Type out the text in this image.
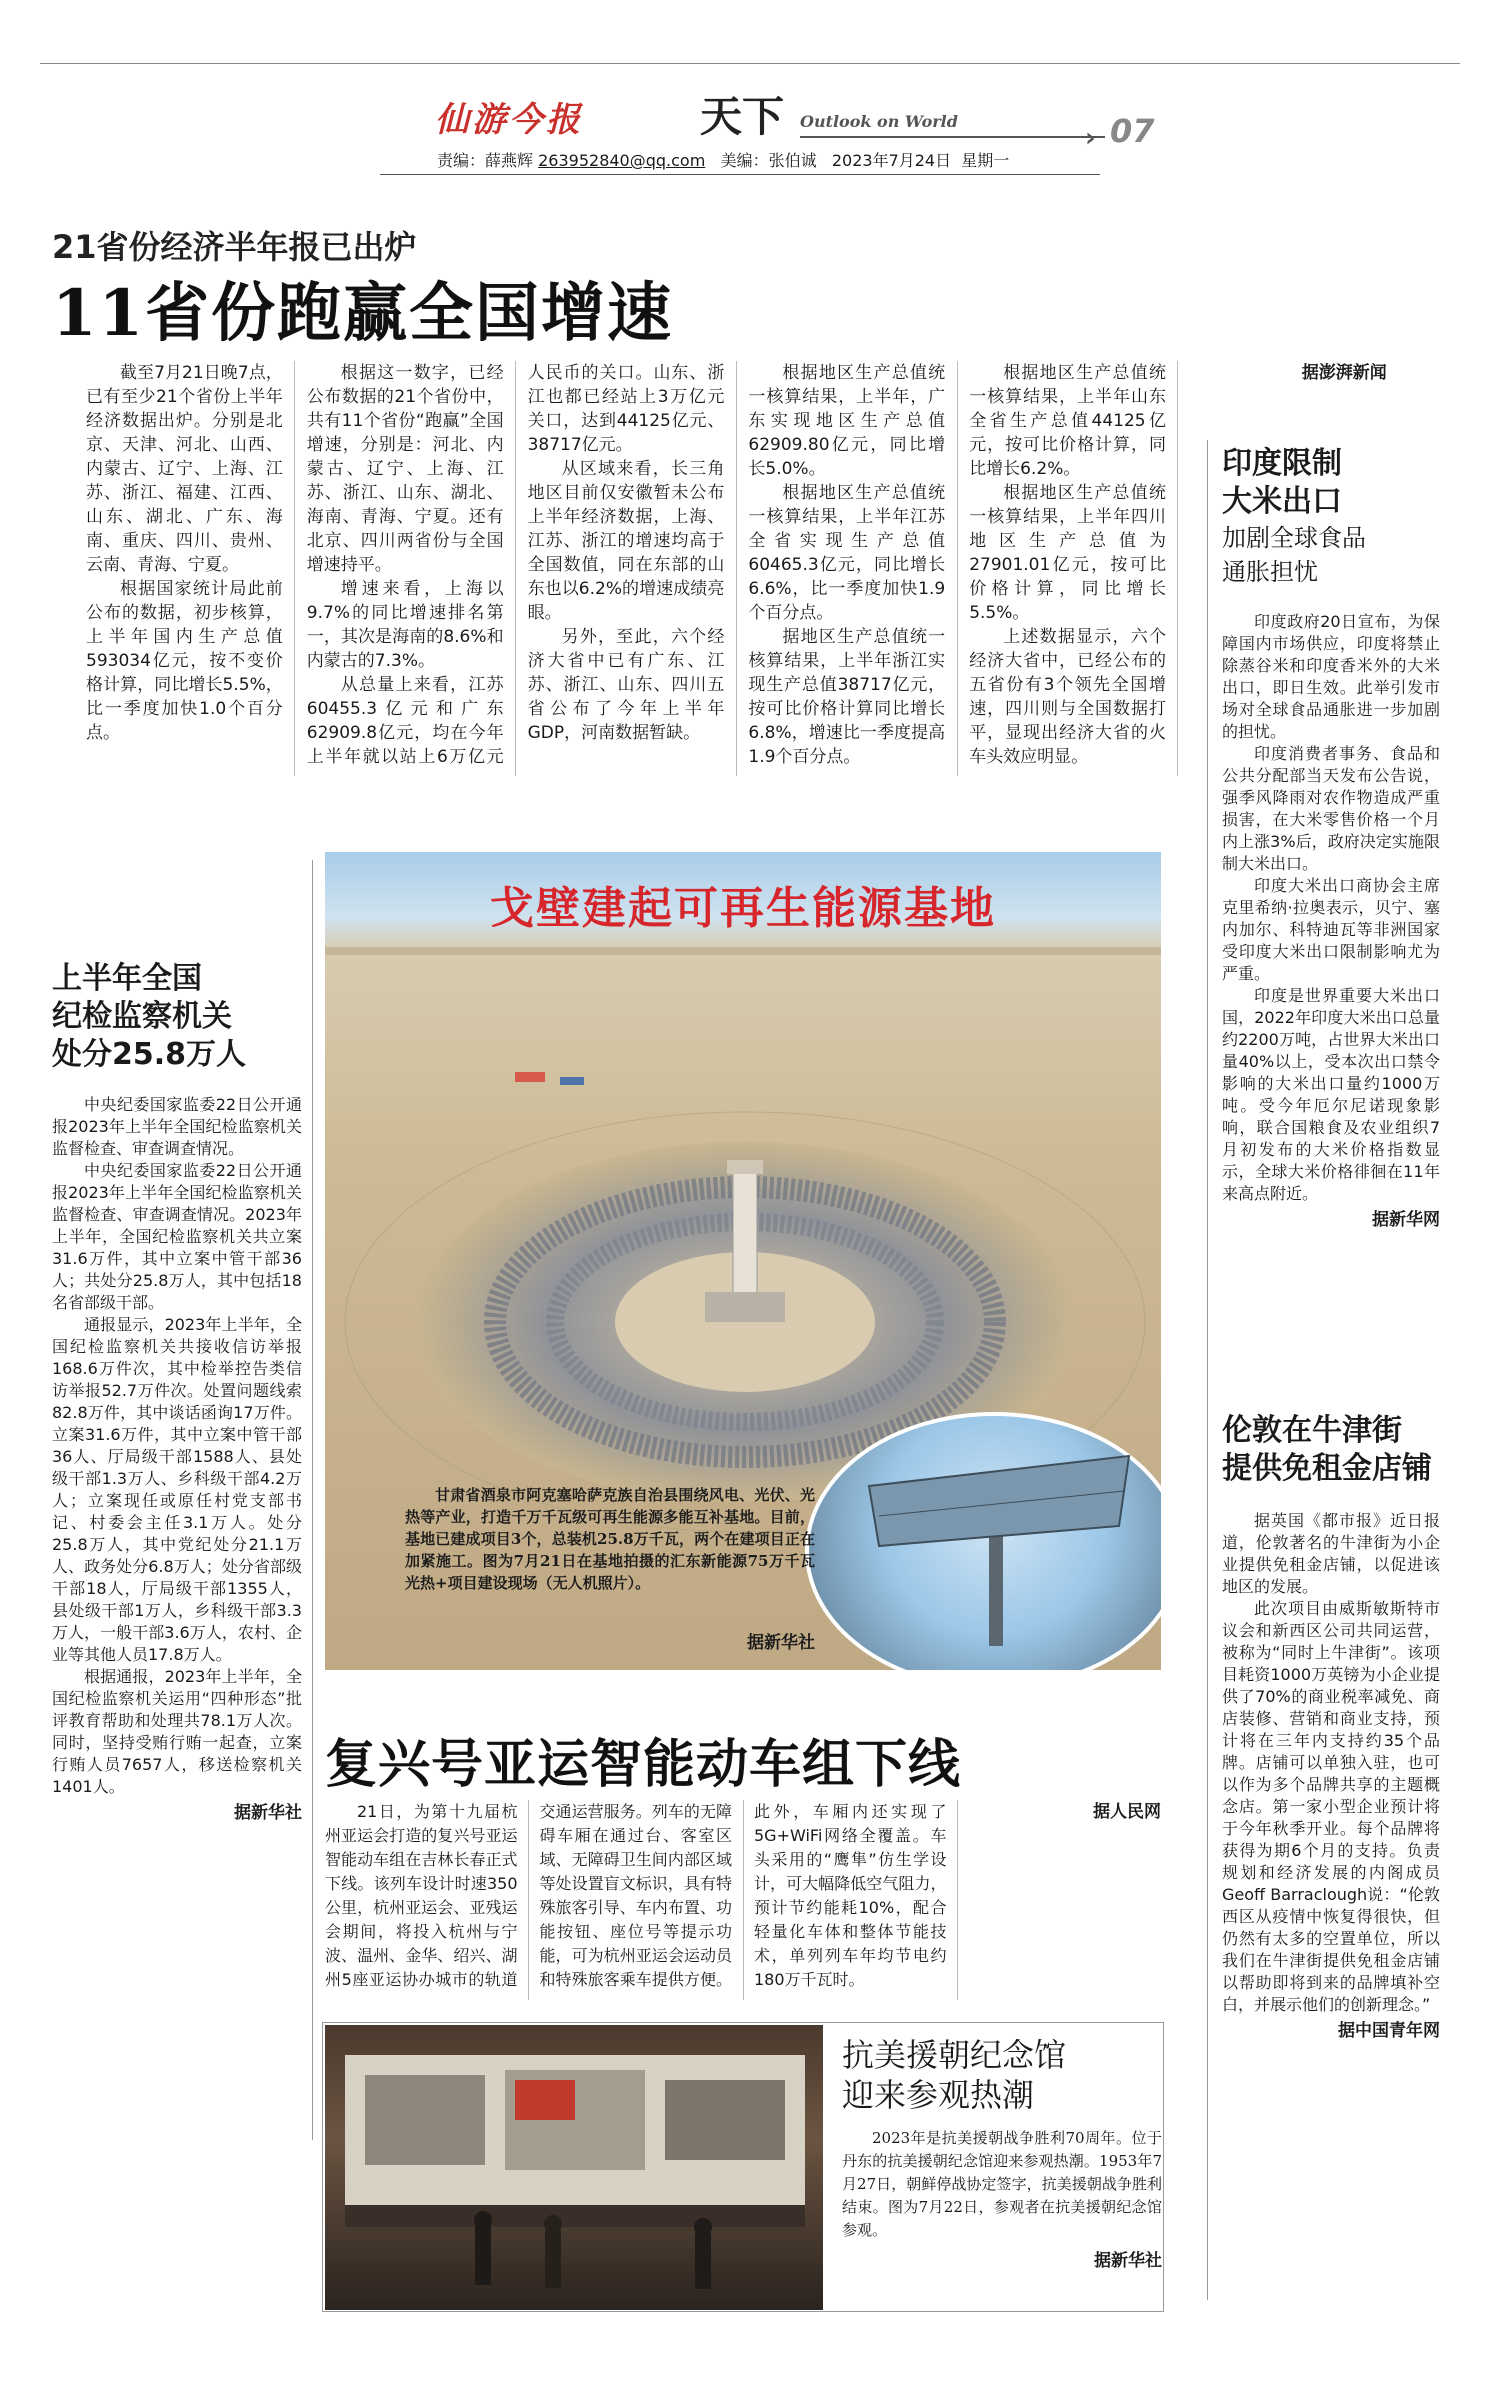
仙游今报	天下 Outlook on World
› 07
责编：薛燕辉 263952840@qq.com 美编：张伯诚 2023年7月24日 星期一
21省份经济半年报已出炉
11省份跑赢全国增速

截至7月21日晚7点，已有至少21个省份上半年经济数据出炉。分别是北京、天津、河北、山西、内蒙古、辽宁、上海、江苏、浙江、福建、江西、山东、湖北、广东、海南、重庆、四川、贵州、云南、青海、宁夏。

根据国家统计局此前公布的数据，初步核算，上半年国内生产总值593034亿元，按不变价格计算，同比增长5.5%，比一季度加快1.0个百分点。

根据这一数字，已经公布数据的21个省份中，共有11个省份“跑赢”全国增速，分别是：河北、内蒙古、辽宁、上海、江苏、浙江、山东、湖北、海南、青海、宁夏。还有北京、四川两省份与全国增速持平。

增速来看，上海以9.7%的同比增速排名第一，其次是海南的8.6%和内蒙古的7.3%。

从总量上来看，江苏60455.3亿元和广东62909.8亿元，均在今年上半年就以站上6万亿元人民币的关口。山东、浙江也都已经站上3万亿元关口，达到44125亿元、38717亿元。

从区域来看，长三角地区目前仅安徽暂未公布上半年经济数据，上海、江苏、浙江的增速均高于全国数值，同在东部的山东也以6.2%的增速成绩亮眼。

另外，至此，六个经济大省中已有广东、江苏、浙江、山东、四川五省公布了今年上半年GDP，河南数据暂缺。

根据地区生产总值统一核算结果，上半年，广东实现地区生产总值62909.80亿元，同比增长5.0%。

根据地区生产总值统一核算结果，上半年江苏全省实现生产总值60465.3亿元，同比增长6.6%，比一季度加快1.9个百分点。

据地区生产总值统一核算结果，上半年浙江实现生产总值38717亿元，按可比价格计算同比增长6.8%，增速比一季度提高1.9个百分点。

根据地区生产总值统一核算结果，上半年山东全省生产总值44125亿元，按可比价格计算，同比增长6.2%。

根据地区生产总值统一核算结果，上半年四川地区生产总值为27901.01亿元，按可比价格计算，同比增长5.5%。

上述数据显示，六个经济大省中，已经公布的五省份有3个领先全国增速，四川则与全国数据打平，显现出经济大省的火车头效应明显。

据澎湃新闻
印度限制
大米出口
加剧全球食品
通胀担忧

印度政府20日宣布，为保障国内市场供应，印度将禁止除蒸谷米和印度香米外的大米出口，即日生效。此举引发市场对全球食品通胀进一步加剧的担忧。

印度消费者事务、食品和公共分配部当天发布公告说，强季风降雨对农作物造成严重损害，在大米零售价格一个月内上涨3%后，政府决定实施限制大米出口。

印度大米出口商协会主席克里希纳·拉奥表示，贝宁、塞内加尔、科特迪瓦等非洲国家受印度大米出口限制影响尤为严重。

印度是世界重要大米出口国，2022年印度大米出口总量约2200万吨，占世界大米出口量40%以上，受本次出口禁令影响的大米出口量约1000万吨。受今年厄尔尼诺现象影响，联合国粮食及农业组织7月初发布的大米价格指数显示，全球大米价格徘徊在11年来高点附近。

据新华网
伦敦在牛津街
提供免租金店铺

据英国《都市报》近日报道，伦敦著名的牛津街为小企业提供免租金店铺，以促进该地区的发展。

此次项目由威斯敏斯特市议会和新西区公司共同运营，被称为“同时上牛津街”。该项目耗资1000万英镑为小企业提供了70%的商业税率减免、商店装修、营销和商业支持，预计将在三年内支持约35个品牌。店铺可以单独入驻，也可以作为多个品牌共享的主题概念店。第一家小型企业预计将于今年秋季开业。每个品牌将获得为期6个月的支持。负责规划和经济发展的内阁成员Geoff Barraclough说：“伦敦西区从疫情中恢复得很快，但仍然有太多的空置单位，所以我们在牛津街提供免租金店铺以帮助即将到来的品牌填补空白，并展示他们的创新理念。”

据中国青年网
上半年全国
纪检监察机关
处分25.8万人

中央纪委国家监委22日公开通报2023年上半年全国纪检监察机关监督检查、审查调查情况。

中央纪委国家监委22日公开通报2023年上半年全国纪检监察机关监督检查、审查调查情况。2023年上半年，全国纪检监察机关共立案31.6万件，其中立案中管干部36人；共处分25.8万人，其中包括18名省部级干部。

通报显示，2023年上半年，全国纪检监察机关共接收信访举报168.6万件次，其中检举控告类信访举报52.7万件次。处置问题线索82.8万件，其中谈话函询17万件。立案31.6万件，其中立案中管干部36人、厅局级干部1588人、县处级干部1.3万人、乡科级干部4.2万人；立案现任或原任村党支部书记、村委会主任3.1万人。处分25.8万人，其中党纪处分21.1万人、政务处分6.8万人；处分省部级干部18人，厅局级干部1355人，县处级干部1万人，乡科级干部3.3万人，一般干部3.6万人，农村、企业等其他人员17.8万人。

根据通报，2023年上半年，全国纪检监察机关运用“四种形态”批评教育帮助和处理共78.1万人次。同时，坚持受贿行贿一起查，立案行贿人员7657人，移送检察机关1401人。

据新华社
戈壁建起可再生能源基地
甘肃省酒泉市阿克塞哈萨克族自治县围绕风电、光伏、光热等产业，打造千万千瓦级可再生能源多能互补基地。目前，基地已建成项目3个，总装机25.8万千瓦，两个在建项目正在加紧施工。图为7月21日在基地拍摄的汇东新能源75万千瓦光热+项目建设现场（无人机照片）。
据新华社
复兴号亚运智能动车组下线

21日，为第十九届杭州亚运会打造的复兴号亚运智能动车组在吉林长春正式下线。该列车设计时速350公里，杭州亚运会、亚残运会期间，将投入杭州与宁波、温州、金华、绍兴、湖州5座亚运协办城市的轨道交通运营服务。列车的无障碍车厢在通过台、客室区域、无障碍卫生间内部区域等处设置盲文标识，具有特殊旅客引导、车内布置、功能按钮、座位号等提示功能，可为杭州亚运会运动员和特殊旅客乘车提供方便。此外，车厢内还实现了5G+WiFi网络全覆盖。车头采用的“鹰隼”仿生学设计，可大幅降低空气阻力，预计节约能耗10%，配合轻量化车体和整体节能技术，单列列车年均节电约180万千瓦时。

据人民网
抗美援朝纪念馆
迎来参观热潮
2023年是抗美援朝战争胜利70周年。位于丹东的抗美援朝纪念馆迎来参观热潮。1953年7月27日，朝鲜停战协定签字，抗美援朝战争胜利结束。图为7月22日，参观者在抗美援朝纪念馆参观。
据新华社
